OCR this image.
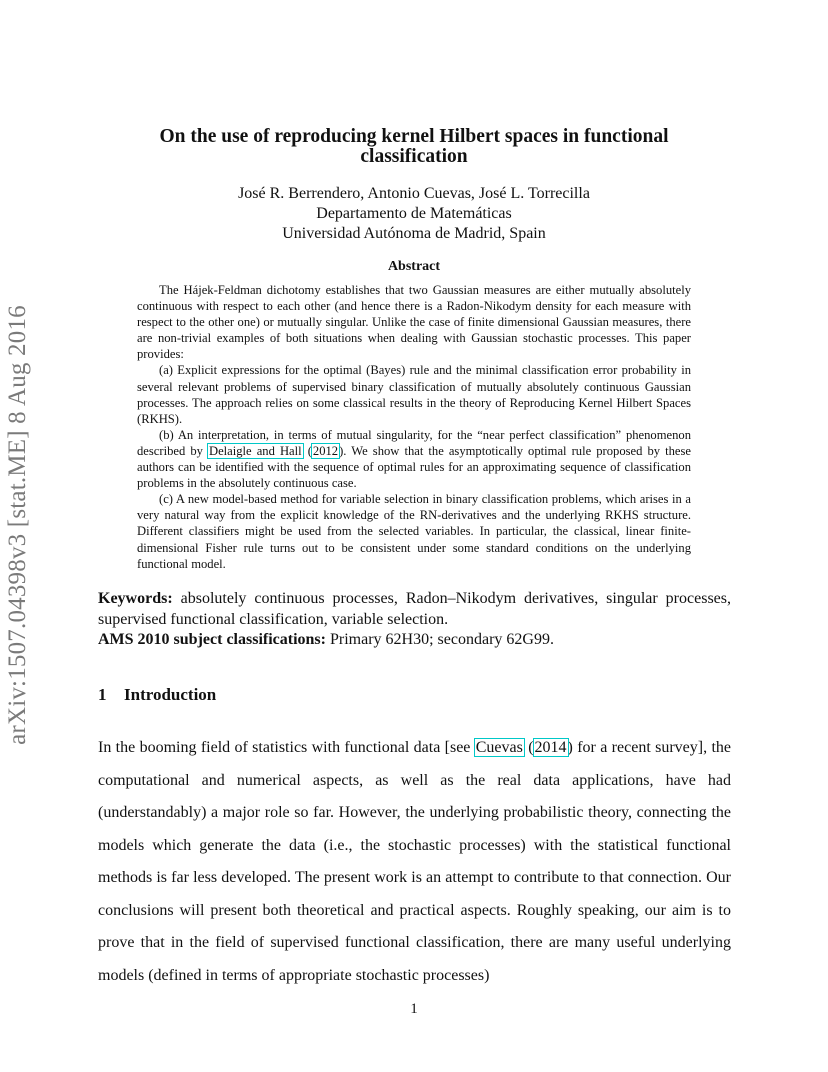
arXiv:1507.04398v3 [stat.ME] 8 Aug 2016
On the use of reproducing kernel Hilbert spaces in functional
classification
José R. Berrendero, Antonio Cuevas, José L. Torrecilla
Departamento de Matemáticas
Universidad Autónoma de Madrid, Spain
Abstract

The Hájek-Feldman dichotomy establishes that two Gaussian measures are either mutually absolutely continuous with respect to each other (and hence there is a Radon-Nikodym density for each measure with respect to the other one) or mutually singular. Unlike the case of finite dimensional Gaussian measures, there are non-trivial examples of both situations when dealing with Gaussian stochastic processes. This paper provides:

(a) Explicit expressions for the optimal (Bayes) rule and the minimal classification error probability in several relevant problems of supervised binary classification of mutually absolutely continuous Gaussian processes. The approach relies on some classical results in the theory of Reproducing Kernel Hilbert Spaces (RKHS).

(b) An interpretation, in terms of mutual singularity, for the “near perfect classification” phenomenon described by Delaigle and Hall (2012). We show that the asymptotically optimal rule proposed by these authors can be identified with the sequence of optimal rules for an approximating sequence of classification problems in the absolutely continuous case.

(c) A new model-based method for variable selection in binary classification problems, which arises in a very natural way from the explicit knowledge of the RN-derivatives and the underlying RKHS structure. Different classifiers might be used from the selected variables. In particular, the classical, linear finite-dimensional Fisher rule turns out to be consistent under some standard conditions on the underlying functional model.

Keywords: absolutely continuous processes, Radon–Nikodym derivatives, singular processes, supervised functional classification, variable selection.

AMS 2010 subject classifications: Primary 62H30; secondary 62G99.

1 Introduction

In the booming field of statistics with functional data [see Cuevas (2014) for a recent survey], the computational and numerical aspects, as well as the real data applications, have had (understandably) a major role so far. However, the underlying probabilistic theory, connecting the models which generate the data (i.e., the stochastic processes) with the statistical functional methods is far less developed. The present work is an attempt to contribute to that connection. Our conclusions will present both theoretical and practical aspects. Roughly speaking, our aim is to prove that in the field of supervised functional classification, there are many useful underlying models (defined in terms of appropriate stochastic processes)

1
